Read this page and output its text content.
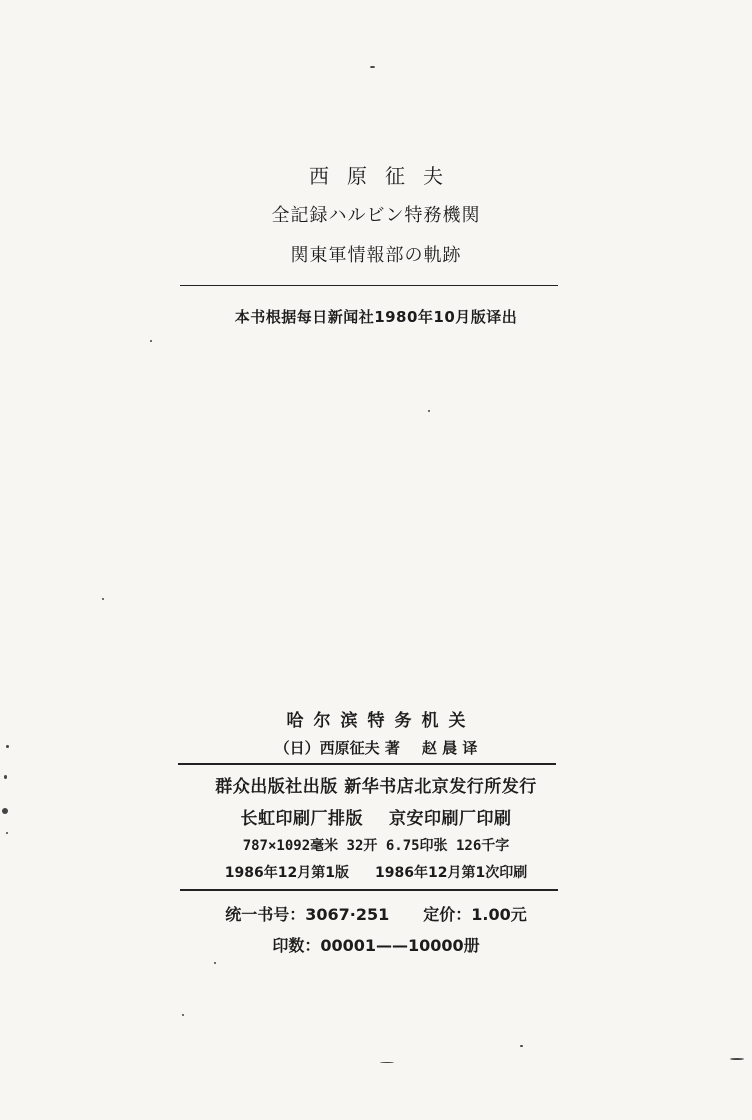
西原征夫
全記録ハルビン特務機関
関東軍情報部の軌跡
本书根据每日新闻社1980年10月版译出
哈尔滨特务机关
（日）西原征夫 著 赵 晨 译
群众出版社出版 新华书店北京发行所发行
长虹印刷厂排版 京安印刷厂印刷
787×1092毫米 32开 6.75印张 126千字
1986年12月第1版 1986年12月第1次印刷
统一书号：3067·251 定价：1.00元
印数：00001——10000册
